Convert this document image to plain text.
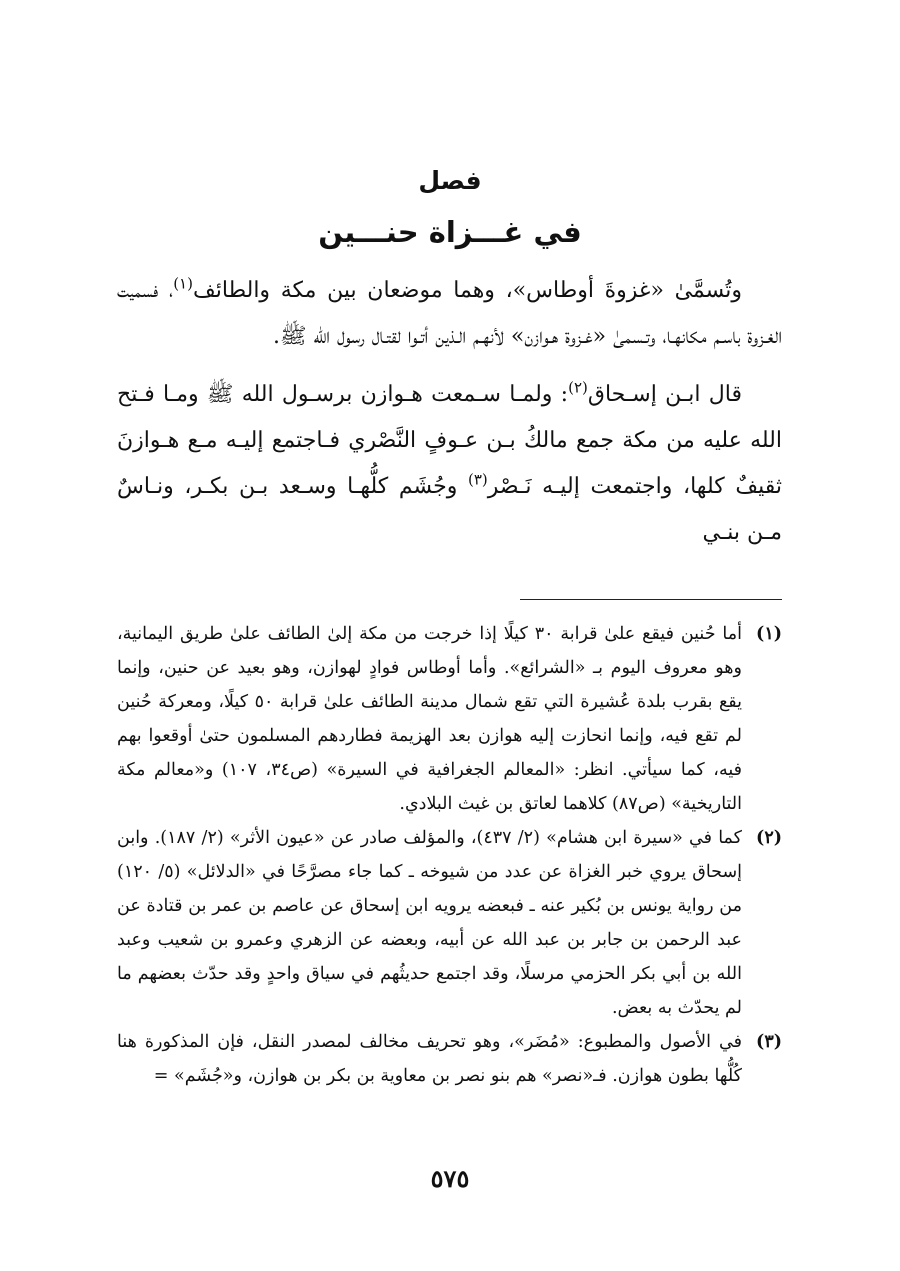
فصل
في غـــزاة حنـــين

وتُسمَّىٰ «غزوةَ أوطاس»، وهما موضعان بين مكة والطائف$^{(١)}$، فسميت الغـزوة باسـم مكانهـا، وتـسمىٰ «غـزوة هـوازن» لأنهـم الـذين أتـوا لقتـال رسول الله ﷺ.

قال ابـن إسـحاق$^{(٢)}$: ولمـا سـمعت هـوازن برسـول الله ﷺ ومـا فـتح الله عليه من مكة جمع مالكُ بـن عـوفٍ النَّصْري فـاجتمع إليـه مـع هـوازنَ ثقيفٌ كلها، واجتمعت إليـه نَـصْر$^{(٣)}$ وجُشَم كلُّهـا وسـعد بـن بكـر، ونـاسٌ مـن بنـي

(١)
أما حُنين فيقع علىٰ قرابة ٣٠ كيلًا إذا خرجت من مكة إلىٰ الطائف علىٰ طريق اليمانية، وهو معروف اليوم بـ «الشرائع». وأما أوطاس فوادٍ لهوازن، وهو بعيد عن حنين، وإنما يقع بقرب بلدة عُشيرة التي تقع شمال مدينة الطائف علىٰ قرابة ٥٠ كيلًا، ومعركة حُنين لم تقع فيه، وإنما انحازت إليه هوازن بعد الهزيمة فطاردهم المسلمون حتىٰ أوقعوا بهم فيه، كما سيأتي. انظر: «المعالم الجغرافية في السيرة» (ص٣٤، ١٠٧) و«معالم مكة التاريخية» (ص٨٧) كلاهما لعاتق بن غيث البلادي.
(٢)
كما في «سيرة ابن هشام» (٢/ ٤٣٧)، والمؤلف صادر عن «عيون الأثر» (٢/ ١٨٧). وابن إسحاق يروي خبر الغزاة عن عدد من شيوخه ـ كما جاء مصرَّحًا في «الدلائل» (٥/ ١٢٠) من رواية يونس بن بُكير عنه ـ فبعضه يرويه ابن إسحاق عن عاصم بن عمر بن قتادة عن عبد الرحمن بن جابر بن عبد الله عن أبيه، وبعضه عن الزهري وعمرو بن شعيب وعبد الله بن أبي بكر الحزمي مرسلًا، وقد اجتمع حديثُهم في سياق واحدٍ وقد حدّث بعضهم ما لم يحدّث به بعض.
(٣)
في الأصول والمطبوع: «مُضَر»، وهو تحريف مخالف لمصدر النقل، فإن المذكورة هنا كُلُّها بطون هوازن. فـ«نصر» هم بنو نصر بن معاوية بن بكر بن هوازن، و«جُشَم» =
٥٧٥
